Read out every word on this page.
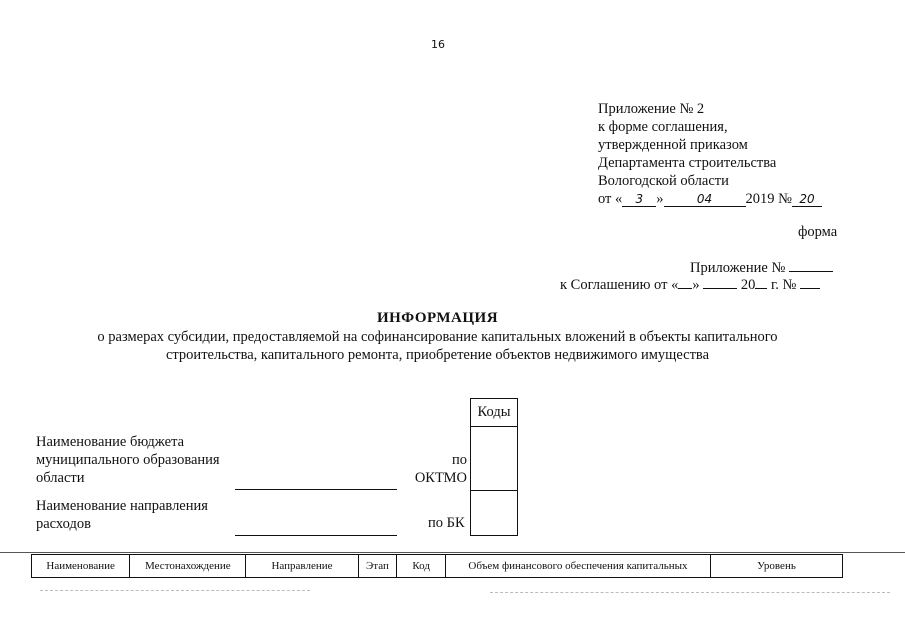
16
Приложение № 2
к форме соглашения,
утвержденной приказом
Департамента строительства
Вологодской области
от « 3 »	04 2019 № 20
форма
Приложение №
к Соглашению от « »	20 г. №
ИНФОРМАЦИЯ
о размерах субсидии, предоставляемой на софинансирование капитальных вложений в объекты капитального
строительства, капитального ремонта, приобретение объектов недвижимого имущества
Коды
Наименование бюджета
муниципального образования
области
по
ОКТМО
Наименование направления
расходов	по БК
Наименование	Местонахождение	Направление	Этап	Код	Объем финансового обеспечения капитальных	Уровень
